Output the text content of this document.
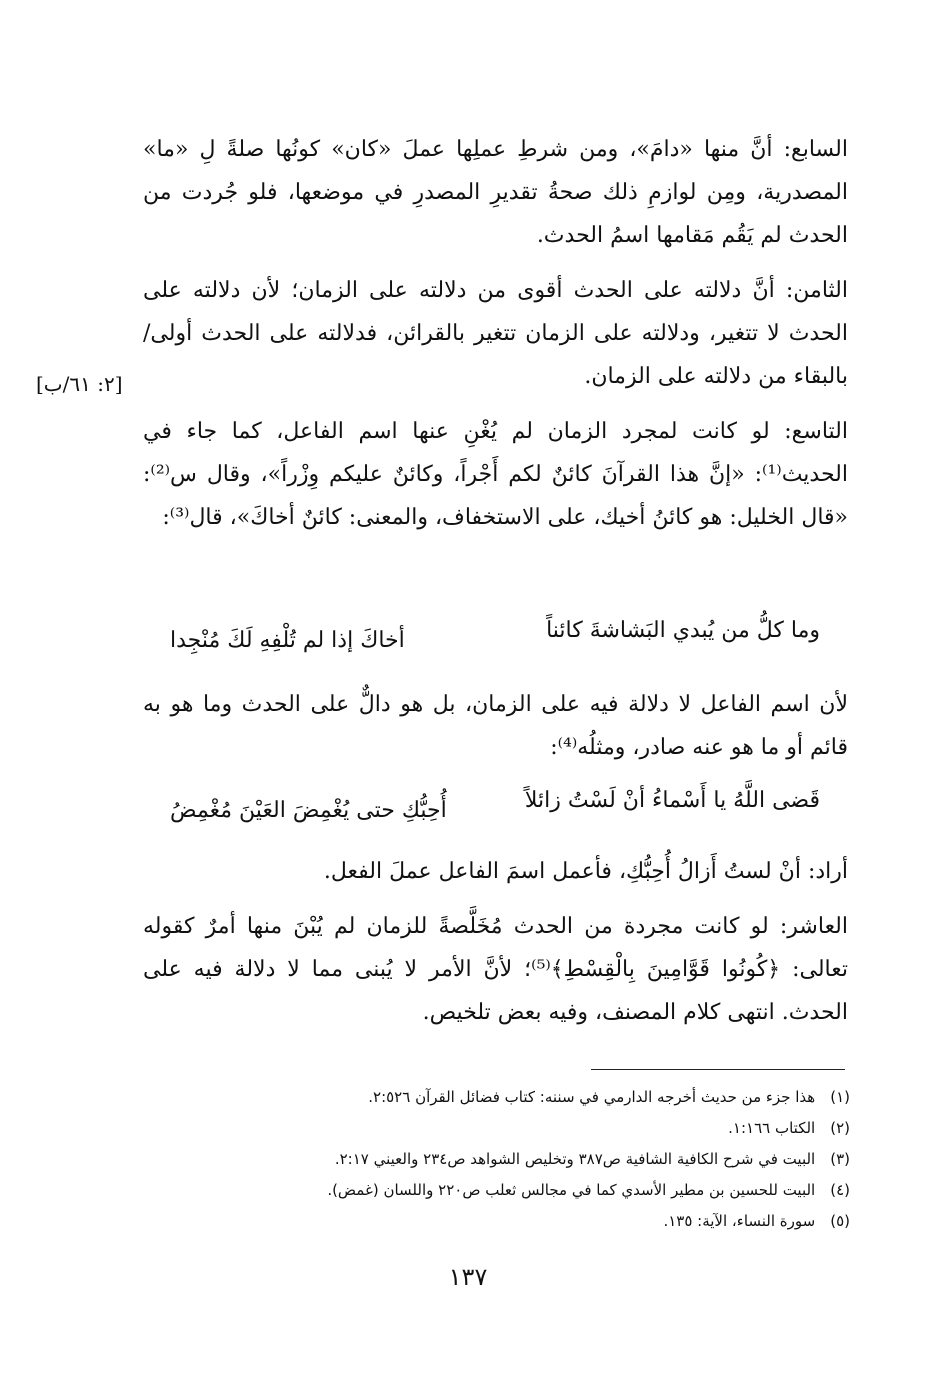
السابع: أنَّ منها «دامَ»، ومن شرطِ عملِها عملَ «كان» كونُها صلةً لِ «ما» المصدرية، ومِن لوازمِ ذلك صحةُ تقديرِ المصدرِ في موضعها، فلو جُردت من الحدث لم يَقُم مَقامها اسمُ الحدث.

الثامن: أنَّ دلالته على الحدث أقوى من دلالته على الزمان؛ لأن دلالته على الحدث لا تتغير، ودلالته على الزمان تتغير بالقرائن، فدلالته على الحدث أولى/ بالبقاء من دلالته على الزمان.

التاسع: لو كانت لمجرد الزمان لم يُغْنِ عنها اسم الفاعل، كما جاء في الحديث⁽¹⁾: «إنَّ هذا القرآنَ كائنٌ لكم أَجْراً، وكائنٌ عليكم وِزْراً»، وقال س⁽²⁾: «قال الخليل: هو كائنُ أخيك، على الاستخفاف، والمعنى: كائنٌ أخاكَ»، قال⁽³⁾:

[٢: ٦١/ب]
وما كلُّ من يُبدي البَشاشةَ كائناً
أخاكَ إذا لم تُلْفِهِ لَكَ مُنْجِدا

لأن اسم الفاعل لا دلالة فيه على الزمان، بل هو دالٌّ على الحدث وما هو به قائم أو ما هو عنه صادر، ومثلُه⁽⁴⁾:

قَضى اللَّهُ يا أَسْماءُ أنْ لَسْتُ زائلاً
أُحِبُّكِ حتى يُغْمِضَ العَيْنَ مُغْمِضُ

أراد: أنْ لستُ أَزالُ أُحِبُّكِ، فأعمل اسمَ الفاعل عملَ الفعل.

العاشر: لو كانت مجردة من الحدث مُخَلَّصةً للزمان لم يُبْنَ منها أمرٌ كقوله تعالى: ﴿كُونُوا قَوَّامِينَ بِالْقِسْطِ﴾⁽⁵⁾؛ لأنَّ الأمر لا يُبنى مما لا دلالة فيه على الحدث. انتهى كلام المصنف، وفيه بعض تلخيص.

(١) هذا جزء من حديث أخرجه الدارمي في سننه: كتاب فضائل القرآن ٢:٥٢٦.
(٢) الكتاب ١:١٦٦.
(٣) البيت في شرح الكافية الشافية ص٣٨٧ وتخليص الشواهد ص٢٣٤ والعيني ٢:١٧.
(٤) البيت للحسين بن مطير الأسدي كما في مجالس ثعلب ص٢٢٠ واللسان (غمض).
(٥) سورة النساء، الآية: ١٣٥.
١٣٧
